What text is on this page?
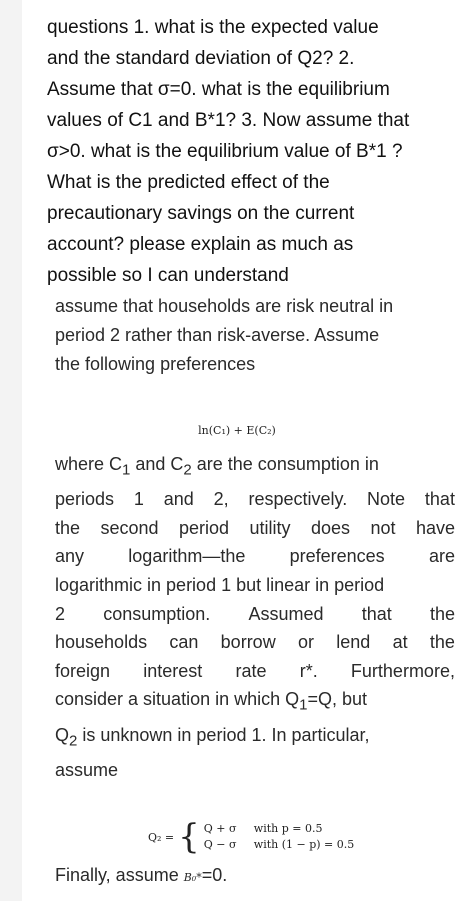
questions 1. what is the expected value
and the standard deviation of Q2? 2.
Assume that σ=0. what is the equilibrium
values of C1 and B*1? 3. Now assume that
σ>0. what is the equilibrium value of B*1 ?
What is the predicted effect of the
precautionary savings on the current
account? please explain as much as
possible so I can understand
assume that households are risk neutral in
period 2 rather than risk-averse. Assume
the following preferences
ln(C₁) + E(C₂)
where $C_1$ and $C_2$ are the consumption in
periods 1 and 2, respectively. Note that
the second period utility does not have
any logarithm—the preferences are
logarithmic in period 1 but linear in period
2 consumption. Assumed that the
households can borrow or lend at the
foreign interest rate r*. Furthermore,
consider a situation in which $Q_1=Q$, but
$Q_2$ is unknown in period 1. In particular,
assume
Q₂ = { Q + σ with p = 0.5
Q − σ with (1 − p) = 0.5
Finally, assume B₀*=0.
